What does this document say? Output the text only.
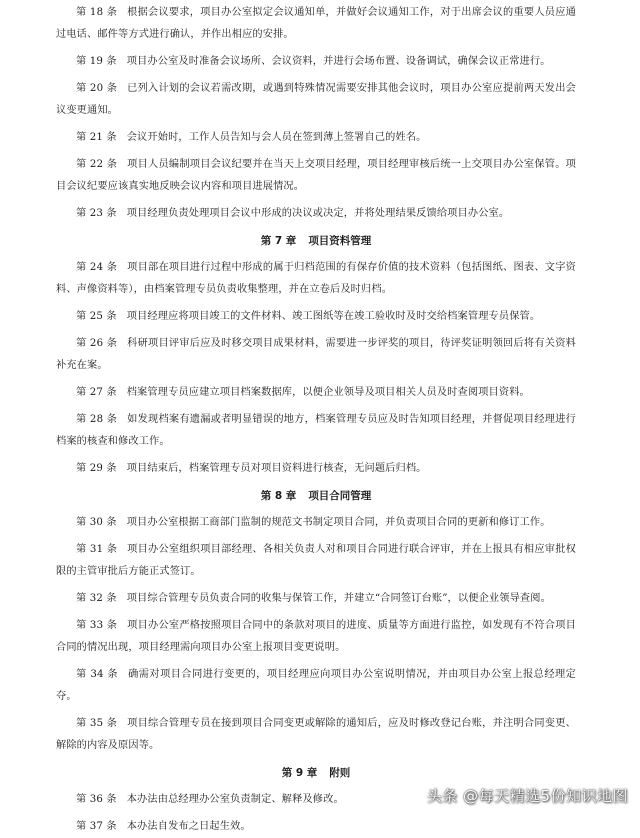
第 18 条 根据会议要求，项目办公室拟定会议通知单，并做好会议通知工作，对于出席会议的重要人员应通过电话、邮件等方式进行确认，并作出相应的安排。

第 19 条 项目办公室及时准备会议场所、会议资料，并进行会场布置、设备调试，确保会议正常进行。

第 20 条 已列入计划的会议若需改期，或遇到特殊情况需要安排其他会议时，项目办公室应提前两天发出会议变更通知。

第 21 条 会议开始时，工作人员告知与会人员在签到薄上签署自己的姓名。

第 22 条 项目人员编制项目会议纪要并在当天上交项目经理，项目经理审核后统一上交项目办公室保管。项目会议纪要应该真实地反映会议内容和项目进展情况。

第 23 条 项目经理负责处理项目会议中形成的决议或决定，并将处理结果反馈给项目办公室。

第 7 章 项目资料管理

第 24 条 项目部在项目进行过程中形成的属于归档范围的有保存价值的技术资料（包括图纸、图表、文字资料、声像资料等），由档案管理专员负责收集整理，并在立卷后及时归档。

第 25 条 项目经理应将项目竣工的文件材料、竣工图纸等在竣工验收时及时交给档案管理专员保管。

第 26 条 科研项目评审后应及时移交项目成果材料，需要进一步评奖的项目，待评奖证明领回后将有关资料补充在案。

第 27 条 档案管理专员应建立项目档案数据库，以便企业领导及项目相关人员及时查阅项目资料。

第 28 条 如发现档案有遗漏或者明显错误的地方，档案管理专员应及时告知项目经理，并督促项目经理进行档案的核查和修改工作。

第 29 条 项目结束后，档案管理专员对项目资料进行核查，无问题后归档。

第 8 章 项目合同管理

第 30 条 项目办公室根据工商部门监制的规范文书制定项目合同，并负责项目合同的更新和修订工作。

第 31 条 项目办公室组织项目部经理、各相关负责人对和项目合同进行联合评审，并在上报具有相应审批权限的主管审批后方能正式签订。

第 32 条 项目综合管理专员负责合同的收集与保管工作，并建立“合同签订台账”，以便企业领导查阅。

第 33 条 项目办公室严格按照项目合同中的条款对项目的进度、质量等方面进行监控，如发现有不符合项目合同的情况出现，项目经理需向项目办公室上报项目变更说明。

第 34 条 确需对项目合同进行变更的，项目经理应向项目办公室说明情况，并由项目办公室上报总经理定夺。

第 35 条 项目综合管理专员在接到项目合同变更或解除的通知后，应及时修改登记台账，并注明合同变更、解除的内容及原因等。

第 9 章 附则

第 36 条 本办法由总经理办公室负责制定、解释及修改。

第 37 条 本办法自发布之日起生效。

头条 @每天精选5份知识地图
